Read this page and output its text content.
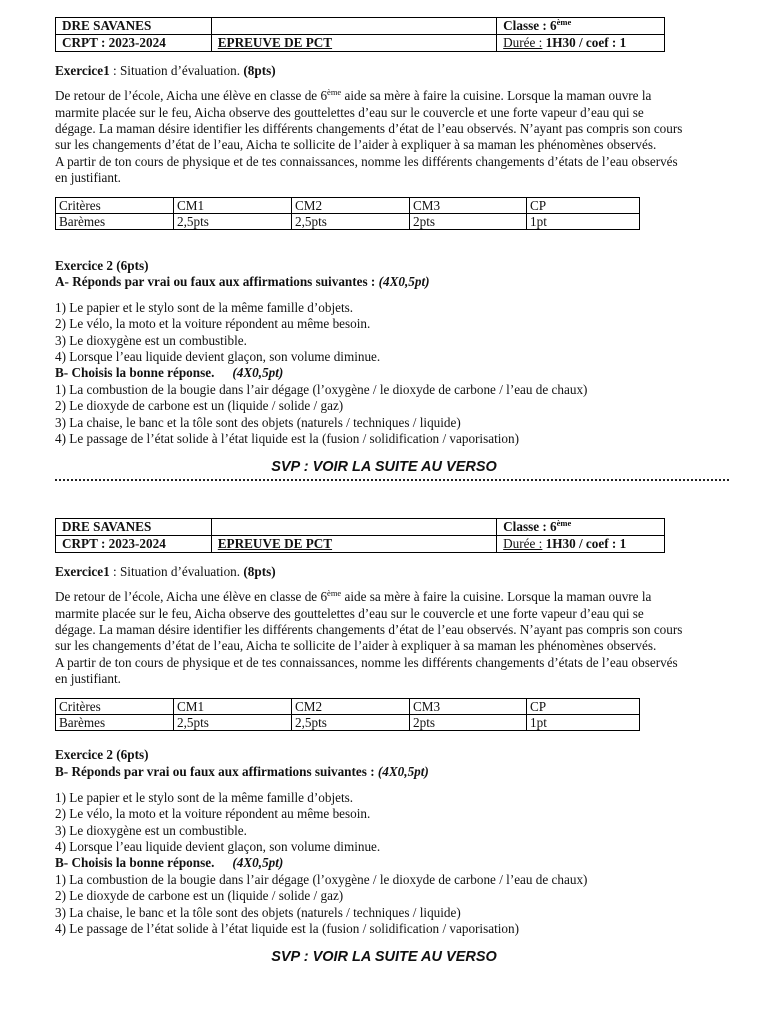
DRE SAVANES		Classe : 6ème
CRPT : 2023-2024	EPREUVE DE PCT	Durée : 1H30 / coef : 1
Exercice1 : Situation d’évaluation. (8pts)
De retour de l’école, Aicha une élève en classe de 6ème aide sa mère à faire la cuisine. Lorsque la maman ouvre la
marmite placée sur le feu, Aicha observe des gouttelettes d’eau sur le couvercle et une forte vapeur d’eau qui se
dégage. La maman désire identifier les différents changements d’état de l’eau observés. N’ayant pas compris son cours
sur les changements d’état de l’eau, Aicha te sollicite de l’aider à expliquer à sa maman les phénomènes observés.
A partir de ton cours de physique et de tes connaissances, nomme les différents changements d’états de l’eau observés
en justifiant.
Critères	CM1	CM2	CM3	CP
Barèmes	2,5pts	2,5pts	2pts	1pt
Exercice 2 (6pts)
A- Réponds par vrai ou faux aux affirmations suivantes : (4X0,5pt)
1) Le papier et le stylo sont de la même famille d’objets.
2) Le vélo, la moto et la voiture répondent au même besoin.
3) Le dioxygène est un combustible.
4) Lorsque l’eau liquide devient glaçon, son volume diminue.
B- Choisis la bonne réponse. (4X0,5pt)
1) La combustion de la bougie dans l’air dégage (l’oxygène / le dioxyde de carbone / l’eau de chaux)
2) Le dioxyde de carbone est un (liquide / solide / gaz)
3) La chaise, le banc et la tôle sont des objets (naturels / techniques / liquide)
4) Le passage de l’état solide à l’état liquide est la (fusion / solidification / vaporisation)
SVP : VOIR LA SUITE AU VERSO
DRE SAVANES		Classe : 6ème
CRPT : 2023-2024	EPREUVE DE PCT	Durée : 1H30 / coef : 1
Exercice1 : Situation d’évaluation. (8pts)
De retour de l’école, Aicha une élève en classe de 6ème aide sa mère à faire la cuisine. Lorsque la maman ouvre la
marmite placée sur le feu, Aicha observe des gouttelettes d’eau sur le couvercle et une forte vapeur d’eau qui se
dégage. La maman désire identifier les différents changements d’état de l’eau observés. N’ayant pas compris son cours
sur les changements d’état de l’eau, Aicha te sollicite de l’aider à expliquer à sa maman les phénomènes observés.
A partir de ton cours de physique et de tes connaissances, nomme les différents changements d’états de l’eau observés
en justifiant.
Critères	CM1	CM2	CM3	CP
Barèmes	2,5pts	2,5pts	2pts	1pt
Exercice 2 (6pts)
B- Réponds par vrai ou faux aux affirmations suivantes : (4X0,5pt)
1) Le papier et le stylo sont de la même famille d’objets.
2) Le vélo, la moto et la voiture répondent au même besoin.
3) Le dioxygène est un combustible.
4) Lorsque l’eau liquide devient glaçon, son volume diminue.
B- Choisis la bonne réponse. (4X0,5pt)
1) La combustion de la bougie dans l’air dégage (l’oxygène / le dioxyde de carbone / l’eau de chaux)
2) Le dioxyde de carbone est un (liquide / solide / gaz)
3) La chaise, le banc et la tôle sont des objets (naturels / techniques / liquide)
4) Le passage de l’état solide à l’état liquide est la (fusion / solidification / vaporisation)
SVP : VOIR LA SUITE AU VERSO
